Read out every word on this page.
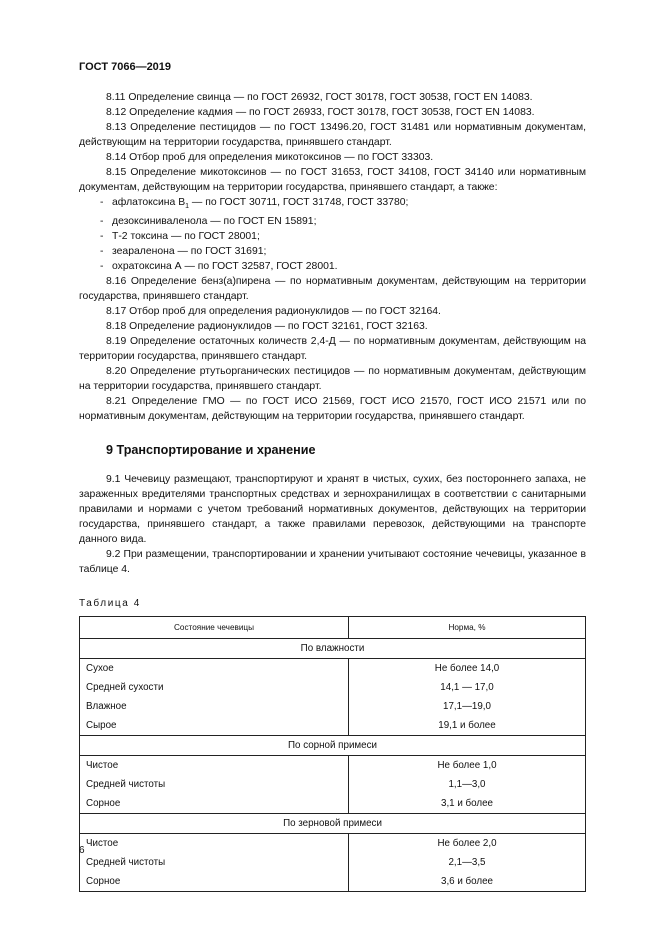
ГОСТ 7066—2019

8.11 Определение свинца — по ГОСТ 26932, ГОСТ 30178, ГОСТ 30538, ГОСТ EN 14083.

8.12 Определение кадмия — по ГОСТ 26933, ГОСТ 30178, ГОСТ 30538, ГОСТ EN 14083.

8.13 Определение пестицидов — по ГОСТ 13496.20, ГОСТ 31481 или нормативным документам, действующим на территории государства, принявшего стандарт.

8.14 Отбор проб для определения микотоксинов — по ГОСТ 33303.

8.15 Определение микотоксинов — по ГОСТ 31653, ГОСТ 34108, ГОСТ 34140 или нормативным документам, действующим на территории государства, принявшего стандарт, а также:

- афлатоксина $В_1$ — по ГОСТ 30711, ГОСТ 31748, ГОСТ 33780;

- дезоксиниваленола — по ГОСТ EN 15891;

- Т-2 токсина — по ГОСТ 28001;

- зеараленона — по ГОСТ 31691;

- охратоксина А — по ГОСТ 32587, ГОСТ 28001.

8.16 Определение бенз(а)пирена — по нормативным документам, действующим на территории государства, принявшего стандарт.

8.17 Отбор проб для определения радионуклидов — по ГОСТ 32164.

8.18 Определение радионуклидов — по ГОСТ 32161, ГОСТ 32163.

8.19 Определение остаточных количеств 2,4-Д — по нормативным документам, действующим на территории государства, принявшего стандарт.

8.20 Определение ртутьорганических пестицидов — по нормативным документам, действующим на территории государства, принявшего стандарт.

8.21 Определение ГМО — по ГОСТ ИСО 21569, ГОСТ ИСО 21570, ГОСТ ИСО 21571 или по нормативным документам, действующим на территории государства, принявшего стандарт.

9 Транспортирование и хранение

9.1 Чечевицу размещают, транспортируют и хранят в чистых, сухих, без постороннего запаха, не зараженных вредителями транспортных средствах и зернохранилищах в соответствии с санитарными правилами и нормами с учетом требований нормативных документов, действующих на территории государства, принявшего стандарт, а также правилами перевозок, действующими на транспорте данного вида.

9.2 При размещении, транспортировании и хранении учитывают состояние чечевицы, указанное в таблице 4.

Таблица 4
Состояние чечевицы	Норма, %
По влажности	
Сухое	Не более 14,0
Средней сухости	14,1 — 17,0
Влажное	17,1—19,0
Сырое	19,1 и более
По сорной примеси	
Чистое	Не более 1,0
Средней чистоты	1,1—3,0
Сорное	3,1 и более
По зерновой примеси	
Чистое	Не более 2,0
Средней чистоты	2,1—3,5
Сорное	3,6 и более
6
